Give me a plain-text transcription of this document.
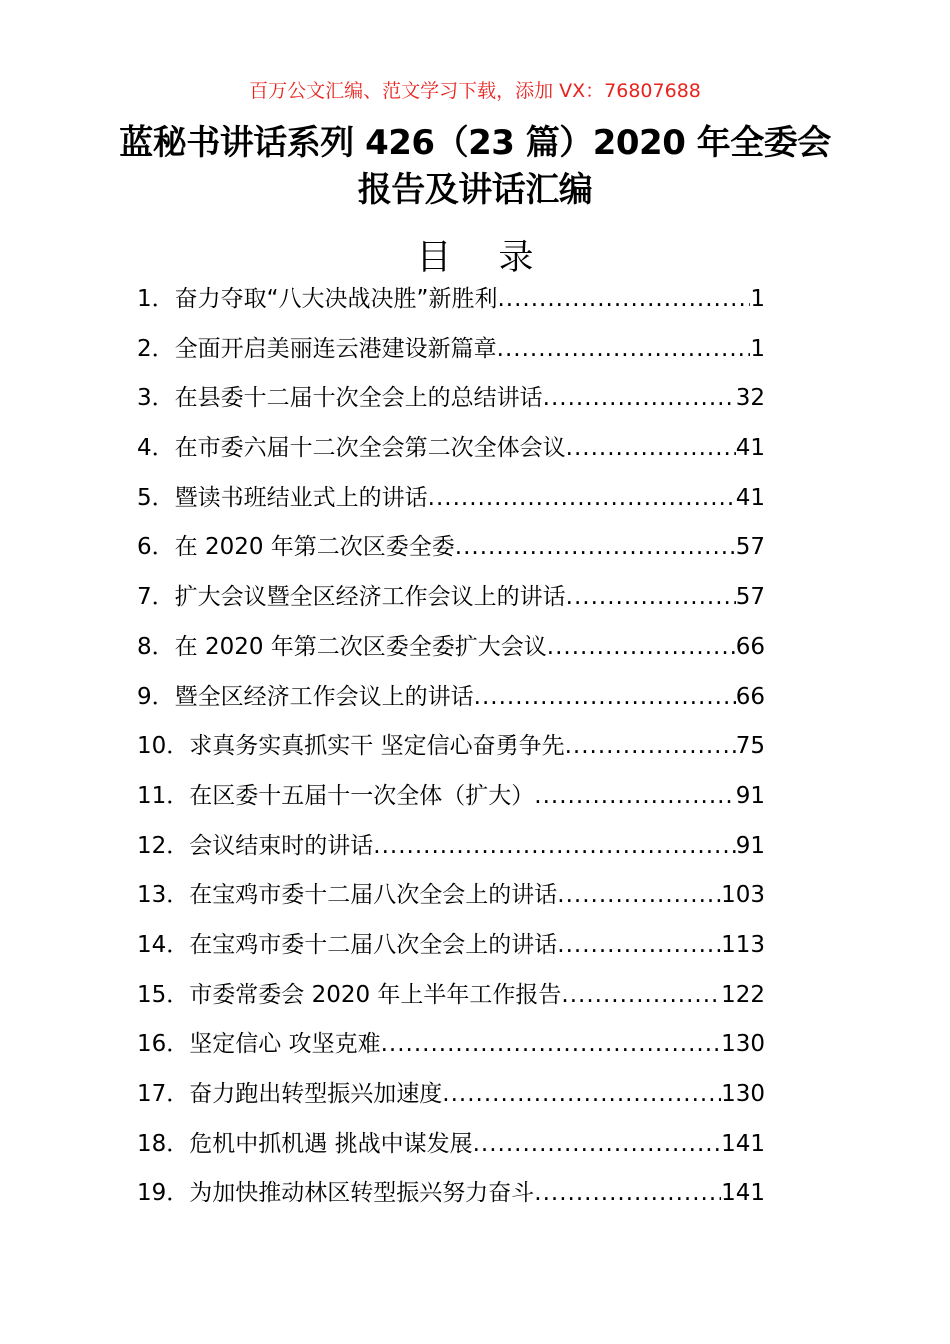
百万公文汇编、范文学习下载，添加 VX：76807688
蓝秘书讲话系列 426（23 篇）2020 年全委会
报告及讲话汇编
目 录
1．奋力夺取“八大决战决胜”新胜利 .....	1
2．全面开启美丽连云港建设新篇章 .....	1
3．在县委十二届十次全会上的总结讲话 .....	32
4．在市委六届十二次全会第二次全体会议 .....	41
5．暨读书班结业式上的讲话 .....	41
6．在 2020 年第二次区委全委 .....	57
7．扩大会议暨全区经济工作会议上的讲话 .....	57
8．在 2020 年第二次区委全委扩大会议 .....	66
9．暨全区经济工作会议上的讲话 .....	66
10．求真务实真抓实干 坚定信心奋勇争先 .....	75
11．在区委十五届十一次全体（扩大） .....	91
12．会议结束时的讲话 .....	91
13．在宝鸡市委十二届八次全会上的讲话 .....	103
14．在宝鸡市委十二届八次全会上的讲话 .....	113
15．市委常委会 2020 年上半年工作报告 .....	122
16．坚定信心 攻坚克难 .....	130
17．奋力跑出转型振兴加速度 .....	130
18．危机中抓机遇 挑战中谋发展 .....	141
19．为加快推动林区转型振兴努力奋斗 .....	141
